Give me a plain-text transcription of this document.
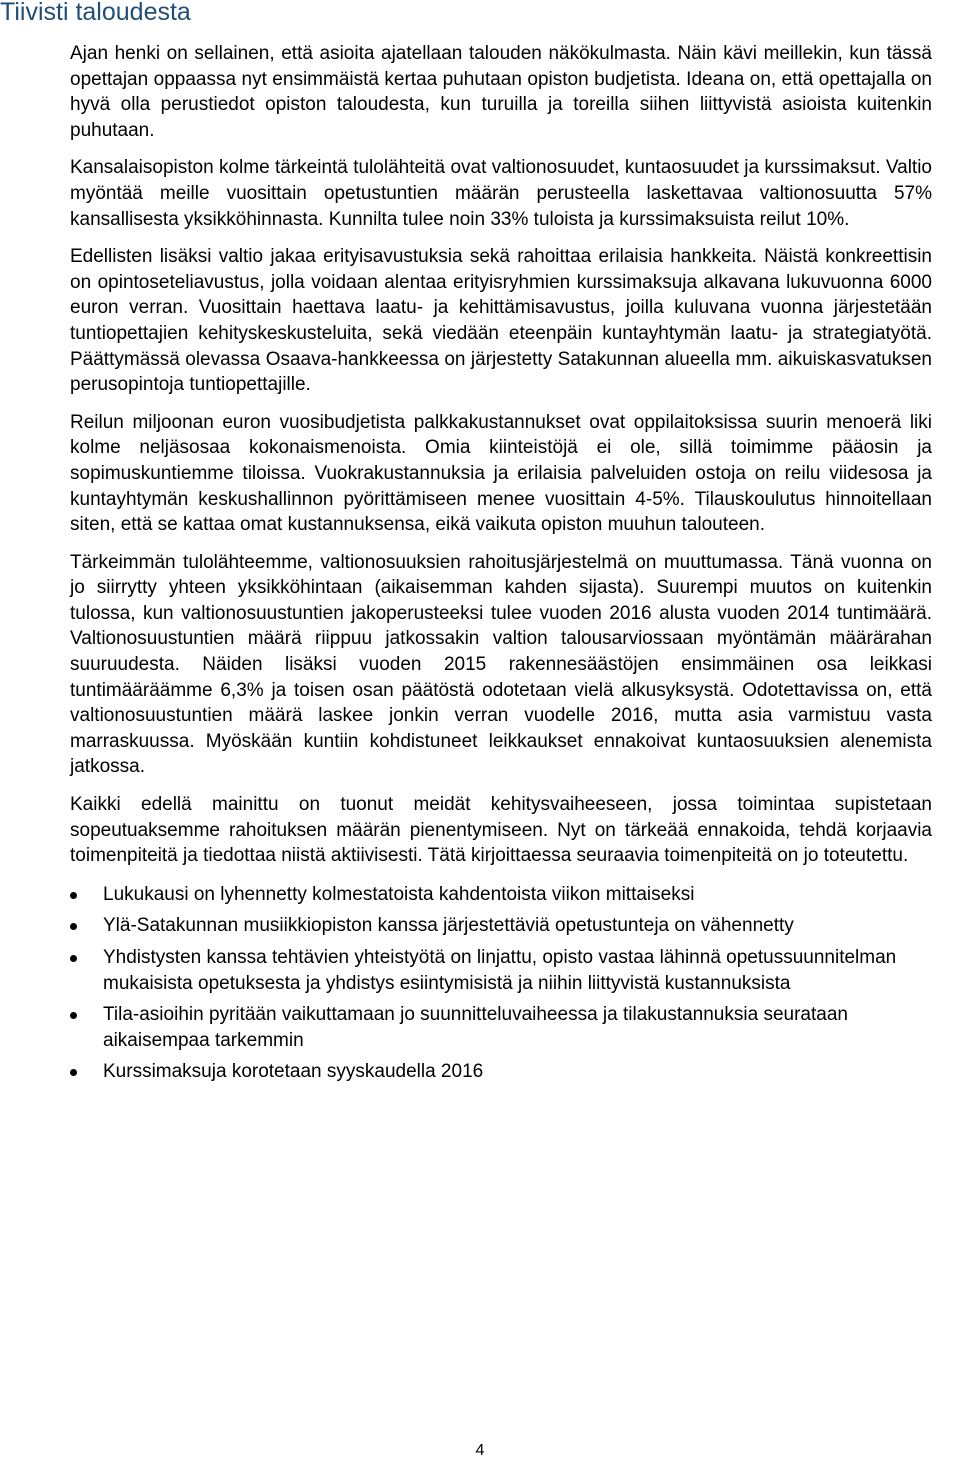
Tiivisti taloudesta

Ajan henki on sellainen, että asioita ajatellaan talouden näkökulmasta. Näin kävi meillekin, kun tässä opettajan oppaassa nyt ensimmäistä kertaa puhutaan opiston budjetista. Ideana on, että opettajalla on hyvä olla perustiedot opiston taloudesta, kun turuilla ja toreilla siihen liittyvistä asioista kuitenkin puhutaan.

Kansalaisopiston kolme tärkeintä tulolähteitä ovat valtionosuudet, kuntaosuudet ja kurssimaksut. Valtio myöntää meille vuosittain opetustuntien määrän perusteella laskettavaa valtionosuutta 57% kansallisesta yksikköhinnasta. Kunnilta tulee noin 33% tuloista ja kurssimaksuista reilut 10%.

Edellisten lisäksi valtio jakaa erityisavustuksia sekä rahoittaa erilaisia hankkeita. Näistä konkreettisin on opintoseteliavustus, jolla voidaan alentaa erityisryhmien kurssimaksuja alkavana lukuvuonna 6000 euron verran. Vuosittain haettava laatu- ja kehittämisavustus, joilla kuluvana vuonna järjestetään tuntiopettajien kehityskeskusteluita, sekä viedään eteenpäin kuntayhtymän laatu- ja strategiatyötä. Päättymässä olevassa Osaava-hankkeessa on järjestetty Satakunnan alueella mm. aikuiskasvatuksen perusopintoja tuntiopettajille.

Reilun miljoonan euron vuosibudjetista palkkakustannukset ovat oppilaitoksissa suurin menoerä liki kolme neljäsosaa kokonaismenoista. Omia kiinteistöjä ei ole, sillä toimimme pääosin ja sopimuskuntiemme tiloissa. Vuokrakustannuksia ja erilaisia palveluiden ostoja on reilu viidesosa ja kuntayhtymän keskushallinnon pyörittämiseen menee vuosittain 4-5%. Tilauskoulutus hinnoitellaan siten, että se kattaa omat kustannuksensa, eikä vaikuta opiston muuhun talouteen.

Tärkeimmän tulolähteemme, valtionosuuksien rahoitusjärjestelmä on muuttumassa. Tänä vuonna on jo siirrytty yhteen yksikköhintaan (aikaisemman kahden sijasta). Suurempi muutos on kuitenkin tulossa, kun valtionosuustuntien jakoperusteeksi tulee vuoden 2016 alusta vuoden 2014 tuntimäärä. Valtionosuustuntien määrä riippuu jatkossakin valtion talousarviossaan myöntämän määrärahan suuruudesta. Näiden lisäksi vuoden 2015 rakennesäästöjen ensimmäinen osa leikkasi tuntimääräämme 6,3% ja toisen osan päätöstä odotetaan vielä alkusyksystä. Odotettavissa on, että valtionosuustuntien määrä laskee jonkin verran vuodelle 2016, mutta asia varmistuu vasta marraskuussa. Myöskään kuntiin kohdistuneet leikkaukset ennakoivat kuntaosuuksien alenemista jatkossa.

Kaikki edellä mainittu on tuonut meidät kehitysvaiheeseen, jossa toimintaa supistetaan sopeutuaksemme rahoituksen määrän pienentymiseen. Nyt on tärkeää ennakoida, tehdä korjaavia toimenpiteitä ja tiedottaa niistä aktiivisesti. Tätä kirjoittaessa seuraavia toimenpiteitä on jo toteutettu.

Lukukausi on lyhennetty kolmestatoista kahdentoista viikon mittaiseksi
Ylä-Satakunnan musiikkiopiston kanssa järjestettäviä opetustunteja on vähennetty
Yhdistysten kanssa tehtävien yhteistyötä on linjattu, opisto vastaa lähinnä opetussuunnitelman mukaisista opetuksesta ja yhdistys esiintymisistä ja niihin liittyvistä kustannuksista
Tila-asioihin pyritään vaikuttamaan jo suunnitteluvaiheessa ja tilakustannuksia seurataan aikaisempaa tarkemmin
Kurssimaksuja korotetaan syyskaudella 2016
4
